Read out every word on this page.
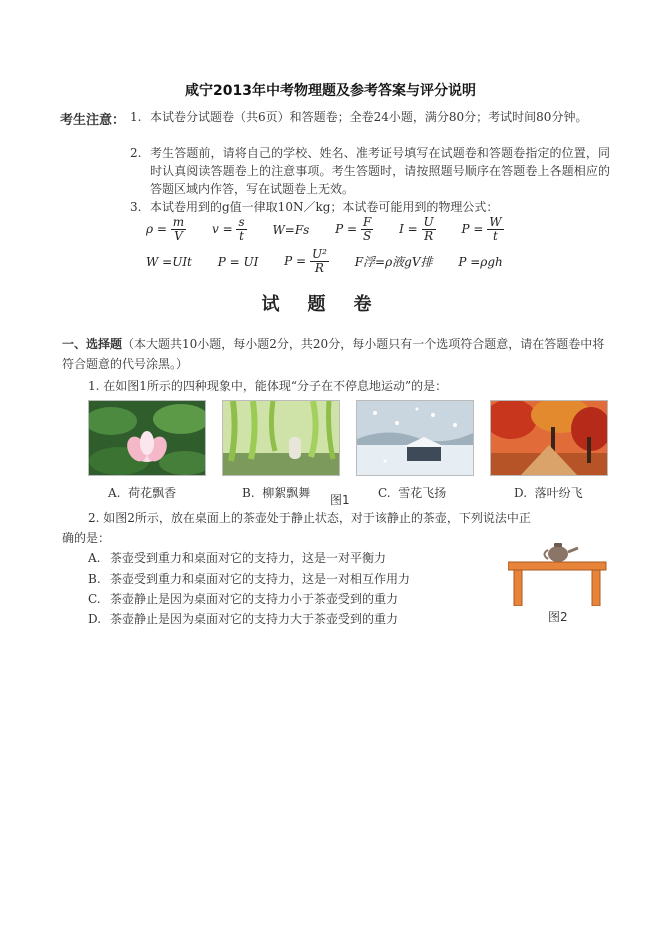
咸宁2013年中考物理题及参考答案与评分说明
考生注意： 1. 本试卷分试题卷（共6页）和答题卷；全卷24小题，满分80分；考试时间80分钟。
2. 考生答题前，请将自己的学校、姓名、准考证号填写在试题卷和答题卷指定的位置，同时认真阅读答题卷上的注意事项。考生答题时，请按照题号顺序在答题卷上各题相应的答题区域内作答，写在试题卷上无效。
3. 本试卷用到的g值一律取10N／kg；本试卷可能用到的物理公式：
$\rho = \frac{m}{V}$ $v = \frac{s}{t} W=Fs$ $P = \frac{F}{S}$ $I = \frac{U}{R}$ $P = \frac{W}{t}$
W =UIt P = UI $P = \frac{\text{U²}}{R}$ F浮=ρ液gV排 P =ρgh
试题卷
一、选择题（本大题共10小题，每小题2分，共20分，每小题只有一个选项符合题意，请在答题卷中将符合题意的代号涂黑。）
1. 在如图1所示的四种现象中，能体现“分子在不停息地运动”的是：
A. 荷花飘香	B. 柳絮飘舞 图1 C. 雪花飞扬	D. 落叶纷飞
2. 如图2所示，放在桌面上的茶壶处于静止状态，对于该静止的茶壶，下列说法中正
确的是：
A. 茶壶受到重力和桌面对它的支持力，这是一对平衡力
B. 茶壶受到重力和桌面对它的支持力，这是一对相互作用力
C. 茶壶静止是因为桌面对它的支持力小于茶壶受到的重力
D. 茶壶静止是因为桌面对它的支持力大于茶壶受到的重力	图2
